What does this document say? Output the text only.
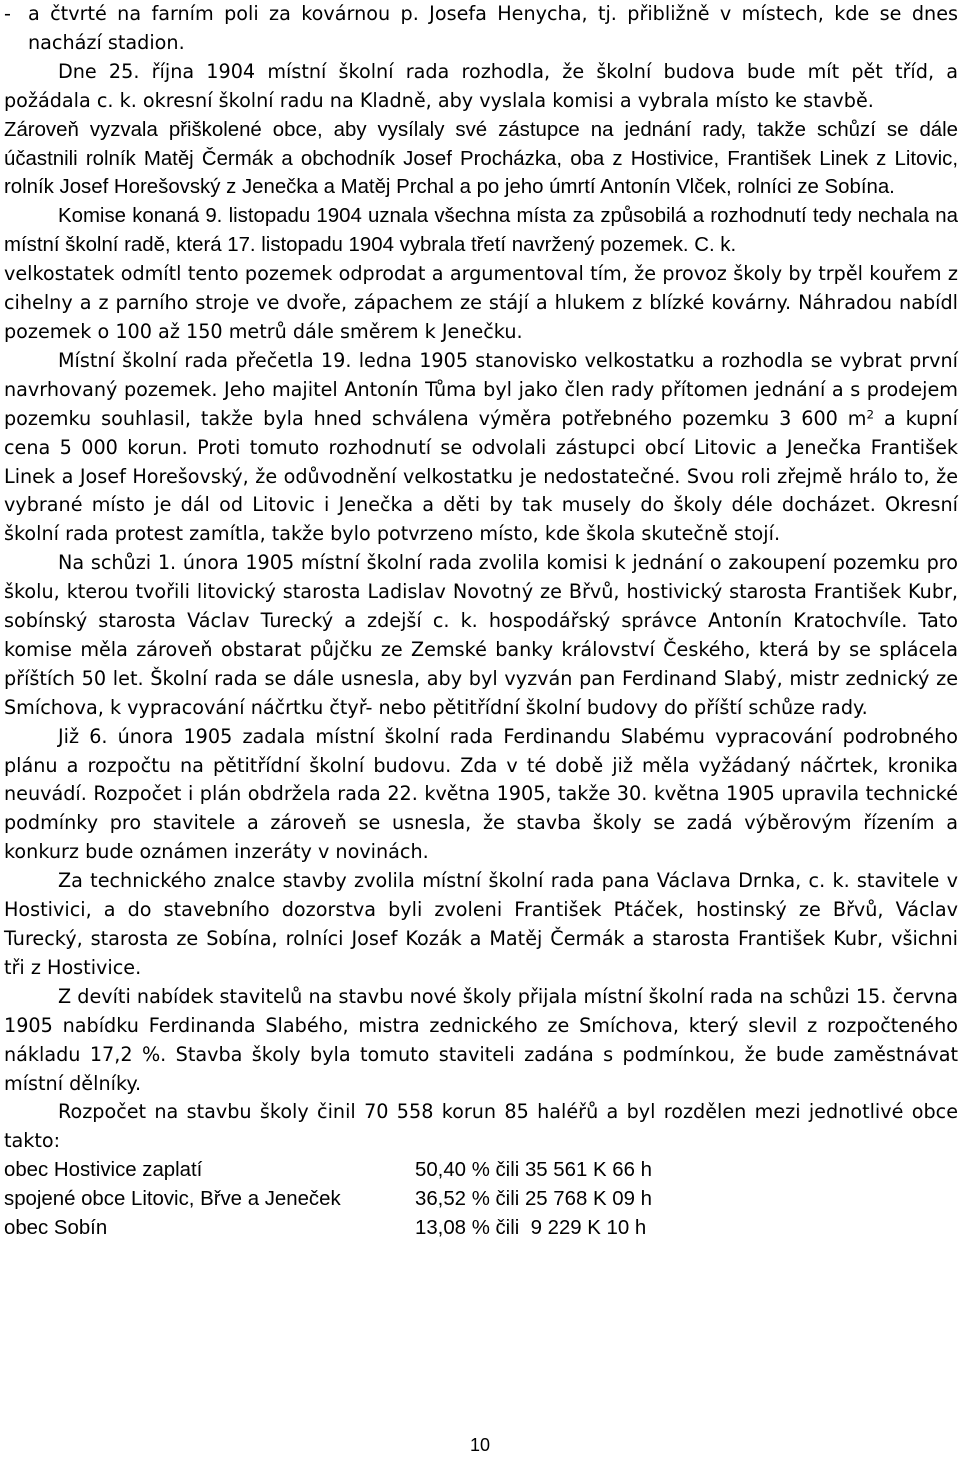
- a čtvrté na farním poli za kovárnou p. Josefa Henycha, tj. přibližně v místech, kde se dnes nachází stadion.

Dne 25. října 1904 místní školní rada rozhodla, že školní budova bude mít pět tříd, a požádala c. k. okresní školní radu na Kladně, aby vyslala komisi a vybrala místo ke stavbě.

Zároveň vyzvala přiškolené obce, aby vysílaly své zástupce na jednání rady, takže schůzí se dále účastnili rolník Matěj Čermák a obchodník Josef Procházka, oba z Hostivice, František Linek z Litovic, rolník Josef Horešovský z Jenečka a Matěj Prchal a po jeho úmrtí Antonín Vlček, rolníci ze Sobína.

Komise konaná 9. listopadu 1904 uznala všechna místa za způsobilá a rozhodnutí tedy nechala na místní školní radě, která 17. listopadu 1904 vybrala třetí navržený pozemek. C. k.

velkostatek odmítl tento pozemek odprodat a argumentoval tím, že provoz školy by trpěl kouřem z cihelny a z parního stroje ve dvoře, zápachem ze stájí a hlukem z blízké kovárny. Náhradou nabídl pozemek o 100 až 150 metrů dále směrem k Jenečku.

Místní školní rada přečetla 19. ledna 1905 stanovisko velkostatku a rozhodla se vybrat první navrhovaný pozemek. Jeho majitel Antonín Tůma byl jako člen rady přítomen jednání a s prodejem pozemku souhlasil, takže byla hned schválena výměra potřebného pozemku 3 600 $m^2$ a kupní cena 5 000 korun. Proti tomuto rozhodnutí se odvolali zástupci obcí Litovic a Jenečka František Linek a Josef Horešovský, že odůvodnění velkostatku je nedostatečné. Svou roli zřejmě hrálo to, že vybrané místo je dál od Litovic i Jenečka a děti by tak musely do školy déle docházet. Okresní školní rada protest zamítla, takže bylo potvrzeno místo, kde škola skutečně stojí.

Na schůzi 1. února 1905 místní školní rada zvolila komisi k jednání o zakoupení pozemku pro školu, kterou tvořili litovický starosta Ladislav Novotný ze Břvů, hostivický starosta František Kubr, sobínský starosta Václav Turecký a zdejší c. k. hospodářský správce Antonín Kratochvíle. Tato komise měla zároveň obstarat půjčku ze Zemské banky království Českého, která by se splácela příštích 50 let. Školní rada se dále usnesla, aby byl vyzván pan Ferdinand Slabý, mistr zednický ze Smíchova, k vypracování náčrtku čtyř- nebo pětitřídní školní budovy do příští schůze rady.

Již 6. února 1905 zadala místní školní rada Ferdinandu Slabému vypracování podrobného plánu a rozpočtu na pětitřídní školní budovu. Zda v té době již měla vyžádaný náčrtek, kronika neuvádí. Rozpočet i plán obdržela rada 22. května 1905, takže 30. května 1905 upravila technické podmínky pro stavitele a zároveň se usnesla, že stavba školy se zadá výběrovým řízením a konkurz bude oznámen inzeráty v novinách.

Za technického znalce stavby zvolila místní školní rada pana Václava Drnka, c. k. stavitele v Hostivici, a do stavebního dozorstva byli zvoleni František Ptáček, hostinský ze Břvů, Václav Turecký, starosta ze Sobína, rolníci Josef Kozák a Matěj Čermák a starosta František Kubr, všichni tři z Hostivice.

Z devíti nabídek stavitelů na stavbu nové školy přijala místní školní rada na schůzi 15. června 1905 nabídku Ferdinanda Slabého, mistra zednického ze Smíchova, který slevil z rozpočteného nákladu 17,2 %. Stavba školy byla tomuto staviteli zadána s podmínkou, že bude zaměstnávat místní dělníky.

Rozpočet na stavbu školy činil 70 558 korun 85 haléřů a byl rozdělen mezi jednotlivé obce takto:

obec Hostivice zaplatí	50,40 % čili 35 561 K 66 h
spojené obce Litovic, Břve a Jeneček	36,52 % čili 25 768 K 09 h
obec Sobín	13,08 % čili  9 229 K 10 h
10
